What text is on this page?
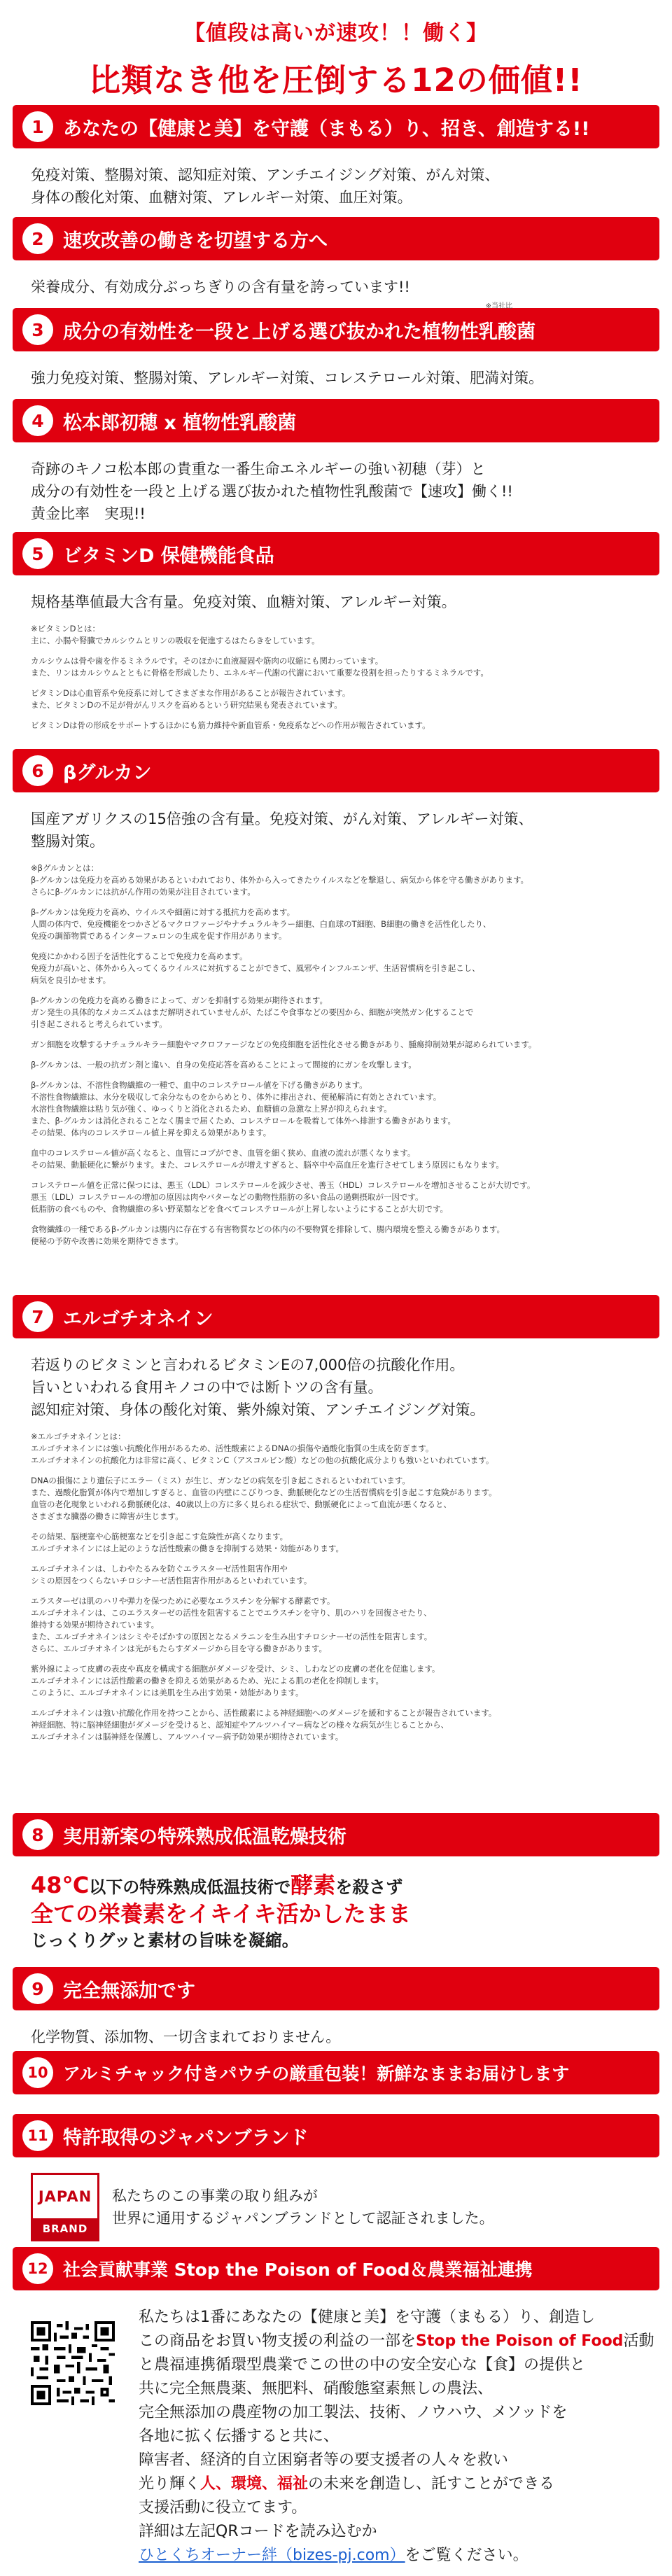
【値段は高いが速攻！！働く】
比類なき他を圧倒する12の価値!!
1	あなたの【健康と美】を守護（まもる）り、招き、創造する!!
免疫対策、整腸対策、認知症対策、アンチエイジング対策、がん対策、
身体の酸化対策、血糖対策、アレルギー対策、血圧対策。
2	速攻改善の働きを切望する方へ
栄養成分、有効成分ぶっちぎりの含有量を誇っています!!
※当社比
3	成分の有効性を一段と上げる選び抜かれた植物性乳酸菌
強力免疫対策、整腸対策、アレルギー対策、コレステロール対策、肥満対策。
4	松本郎初穂 x 植物性乳酸菌
奇跡のキノコ松本郎の貴重な一番生命エネルギーの強い初穂（芽）と
成分の有効性を一段と上げる選び抜かれた植物性乳酸菌で【速攻】働く!!
黄金比率　実現!!
5	ビタミンD 保健機能食品
規格基準値最大含有量。免疫対策、血糖対策、アレルギー対策。

※ビタミンDとは：
主に、小腸や腎臓でカルシウムとリンの吸収を促進するはたらきをしています。

カルシウムは骨や歯を作るミネラルです。そのほかに血液凝固や筋肉の収縮にも関わっています。
また、リンはカルシウムとともに骨格を形成したり、エネルギー代謝の代謝において重要な役割を担ったりするミネラルです。

ビタミンDは心血管系や免疫系に対してさまざまな作用があることが報告されています。
また、ビタミンDの不足が骨がんリスクを高めるという研究結果も発表されています。

ビタミンDは骨の形成をサポートするほかにも筋力維持や新血管系・免疫系などへの作用が報告されています。

6	βグルカン
国産アガリクスの15倍強の含有量。免疫対策、がん対策、アレルギー対策、
整腸対策。

※βグルカンとは：
β-グルカンは免疫力を高める効果があるといわれており、体外から入ってきたウイルスなどを撃退し、病気から体を守る働きがあります。
さらにβ-グルカンには抗がん作用の効果が注目されています。

β-グルカンは免疫力を高め、ウイルスや細菌に対する抵抗力を高めます。
人間の体内で、免疫機能をつかさどるマクロファージやナチュラルキラー細胞、白血球のT細胞、B細胞の働きを活性化したり、
免疫の調節物質であるインターフェロンの生成を促す作用があります。

免疫にかかわる因子を活性化することで免疫力を高めます。
免疫力が高いと、体外から入ってくるウイルスに対抗することができて、風邪やインフルエンザ、生活習慣病を引き起こし、
病気を良引かせます。

β-グルカンの免疫力を高める働きによって、ガンを抑制する効果が期待されます。
ガン発生の具体的なメカニズムはまだ解明されていませんが、たばこや食事などの要因から、細胞が突然ガン化することで
引き起こされると考えられています。

ガン細胞を攻撃するナチュラルキラー細胞やマクロファージなどの免疫細胞を活性化させる働きがあり、腫瘍抑制効果が認められています。

β-グルカンは、一般の抗ガン剤と違い、自身の免疫応答を高めることによって間接的にガンを攻撃します。

β-グルカンは、不溶性食物繊維の一種で、血中のコレステロール値を下げる働きがあります。
不溶性食物繊維は、水分を吸収して余分なものをからめとり、体外に排出され、便秘解消に有効とされています。
水溶性食物繊維は粘り気が強く、ゆっくりと消化されるため、血糖値の急激な上昇が抑えられます。
また、β-グルカンは消化されることなく腸まで届くため、コレステロールを吸着して体外へ排泄する働きがあります。
その結果、体内のコレステロール値上昇を抑える効果があります。

血中のコレステロール値が高くなると、血管にコブができ、血管を細く狭め、血液の流れが悪くなります。
その結果、動脈硬化に繋がります。また、コレステロールが増えすぎると、脳卒中や高血圧を進行させてしまう原因にもなります。

コレステロール値を正常に保つには、悪玉（LDL）コレステロールを減少させ、善玉（HDL）コレステロールを増加させることが大切です。
悪玉（LDL）コレステロールの増加の原因は肉やバターなどの動物性脂肪の多い食品の過剰摂取が一因です。
低脂肪の食べものや、食物繊維の多い野菜類などを食べてコレステロールが上昇しないようにすることが大切です。

食物繊維の一種であるβ-グルカンは腸内に存在する有害物質などの体内の不要物質を排除して、腸内環境を整える働きがあります。
便秘の予防や改善に効果を期待できます。

7	エルゴチオネイン
若返りのビタミンと言われるビタミンEの7,000倍の抗酸化作用。
旨いといわれる食用キノコの中では断トツの含有量。
認知症対策、身体の酸化対策、紫外線対策、アンチエイジング対策。

※エルゴチオネインとは：
エルゴチオネインには強い抗酸化作用があるため、活性酸素によるDNAの損傷や過酸化脂質の生成を防ぎます。
エルゴチオネインの抗酸化力は非常に高く、ビタミンC（アスコルビン酸）などの他の抗酸化成分よりも強いといわれています。

DNAの損傷により遺伝子にエラー（ミス）が生じ、ガンなどの病気を引き起こされるといわれています。
また、過酸化脂質が体内で増加しすぎると、血管の内壁にこびりつき、動脈硬化などの生活習慣病を引き起こす危険があります。
血管の老化現象といわれる動脈硬化は、40歳以上の方に多く見られる症状で、動脈硬化によって血流が悪くなると、
さまざまな臓器の働きに障害が生じます。

その結果、脳梗塞や心筋梗塞などを引き起こす危険性が高くなります。
エルゴチオネインには上記のような活性酸素の働きを抑制する効果・効能があります。

エルゴチオネインは、しわやたるみを防ぐエラスターゼ活性阻害作用や
シミの原因をつくらないチロシナーゼ活性阻害作用があるといわれています。

エラスターゼは肌のハリや弾力を保つために必要なエラスチンを分解する酵素です。
エルゴチオネインは、このエラスターゼの活性を阻害することでエラスチンを守り、肌のハリを回復させたり、
維持する効果が期待されています。
また、エルゴチオネインはシミやそばかすの原因となるメラニンを生み出すチロシナーゼの活性を阻害します。
さらに、エルゴチオネインは光がもたらすダメージから目を守る働きがあります。

紫外線によって皮膚の表皮や真皮を構成する細胞がダメージを受け、シミ、しわなどの皮膚の老化を促進します。
エルゴチオネインには活性酸素の働きを抑える効果があるため、光による肌の老化を抑制します。
このように、エルゴチオネインには美肌を生み出す効果・効能があります。

エルゴチオネインは強い抗酸化作用を持つことから、活性酸素による神経細胞へのダメージを緩和することが報告されています。
神経細胞、特に脳神経細胞がダメージを受けると、認知症やアルツハイマー病などの様々な病気が生じることから、
エルゴチオネインは脳神経を保護し、アルツハイマー病予防効果が期待されています。

8	実用新案の特殊熟成低温乾燥技術
48℃以下の特殊熟成低温技術で酵素を殺さず
全ての栄養素をイキイキ活かしたまま
じっくりグッと素材の旨味を凝縮。
9	完全無添加です
化学物質、添加物、一切含まれておりません。
10 アルミチャック付きパウチの厳重包装！新鮮なままお届けします
11 特許取得のジャパンブランド
JAPAN
BRAND
私たちのこの事業の取り組みが
世界に通用するジャパンブランドとして認証されました。
12 社会貢献事業 Stop the Poison of Food＆農業福祉連携
私たちは1番にあなたの【健康と美】を守護（まもる）り、創造し
この商品をお買い物支援の利益の一部をStop the Poison of Food活動
と農福連携循環型農業でこの世の中の安全安心な【食】の提供と
共に完全無農薬、無肥料、硝酸態窒素無しの農法、
完全無添加の農産物の加工製法、技術、ノウハウ、メソッドを
各地に拡く伝播すると共に、
障害者、経済的自立困窮者等の要支援者の人々を救い
光り輝く人、環境、福祉の未来を創造し、託すことができる
支援活動に役立てます。
詳細は左記QRコードを読み込むか
ひとくちオーナー絆（bizes-pj.com）をご覧ください。
